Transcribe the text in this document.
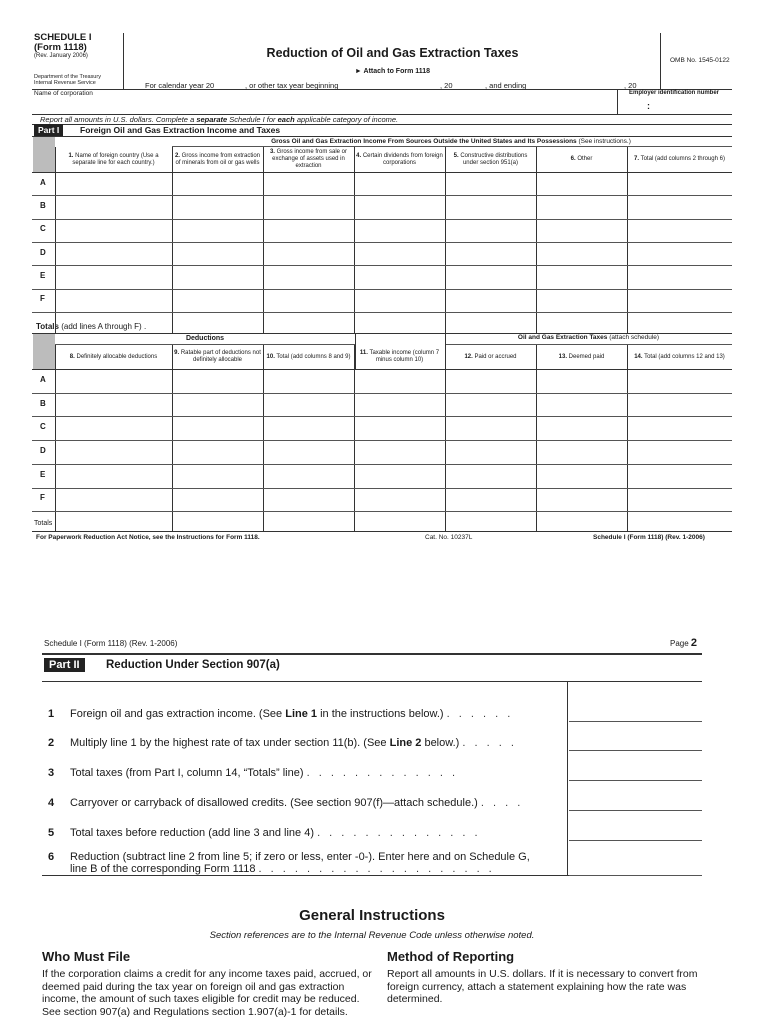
SCHEDULE I
(Form 1118)
(Rev. January 2006)
Department of the Treasury
Internal Revenue Service
Reduction of Oil and Gas Extraction Taxes
► Attach to Form 1118
OMB No. 1545-0122
For calendar year 20	, or other tax year beginning	, 20	, and ending	, 20
Name of corporation	Employer identification number
:
Report all amounts in U.S. dollars. Complete a separate Schedule I for each applicable category of income.
Part I	Foreign Oil and Gas Extraction Income and Taxes
Gross Oil and Gas Extraction Income From Sources Outside the United States and Its Possessions (See instructions.)
Totals (add lines A through F) .
Deductions	Oil and Gas Extraction Taxes (attach schedule)
Totals
For Paperwork Reduction Act Notice, see the Instructions for Form 1118.	Cat. No. 10237L	Schedule I (Form 1118) (Rev. 1-2006)
Schedule I (Form 1118) (Rev. 1-2006)	Page 2
Part II	Reduction Under Section 907(a)
General Instructions
Section references are to the Internal Revenue Code unless otherwise noted.
Who Must File
If the corporation claims a credit for any income taxes paid, accrued, or deemed paid during the tax year on foreign oil and gas extraction income, the amount of such taxes eligible for credit may be reduced. See section 907(a) and Regulations section 1.907(a)-1 for details.
Method of Reporting
Report all amounts in U.S. dollars. If it is necessary to convert from foreign currency, attach a statement explaining how the rate was determined.
1. Name of foreign country (Use a separate line for each country.)
2. Gross income from extraction of minerals from oil or gas wells
3. Gross income from sale or exchange of assets used in extraction
4. Certain dividends from foreign corporations
5. Constructive distributions under section 951(a)
6. Other	7. Total (add columns 2 through 6)
A
B
C
D
E
F
8. Definitely allocable deductions
9. Ratable part of deductions not definitely allocable
10. Total (add columns 8 and 9)
11. Taxable income (column 7 minus column 10)
12. Paid or accrued	13. Deemed paid	14. Total (add columns 12 and 13)
A
B
C
D
E
F
1 Foreign oil and gas extraction income. (See Line 1 in the instructions below.) . . . . . .
2 Multiply line 1 by the highest rate of tax under section 11(b). (See Line 2 below.) . . . . .
3 Total taxes (from Part I, column 14, “Totals” line) . . . . . . . . . . . . .
4 Carryover or carryback of disallowed credits. (See section 907(f)—attach schedule.) . . . .
5 Total taxes before reduction (add line 3 and line 4) . . . . . . . . . . . . . .
6 Reduction (subtract line 2 from line 5; if zero or less, enter -0-). Enter here and on Schedule G,
line B of the corresponding Form 1118 . . . . . . . . . . . . . . . . . . . .
